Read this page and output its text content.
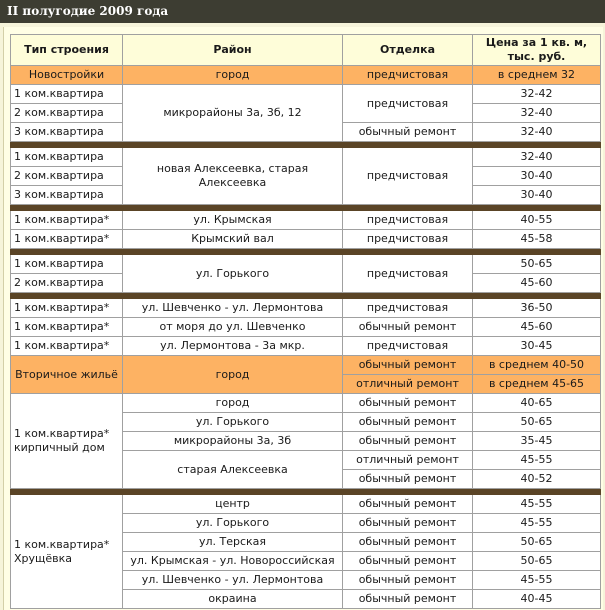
II полугодие 2009 года
Тип строения	Район	Отделка	Цена за 1 кв. м, тыс. руб.
Новостройки	город	предчистовая	в среднем 32
1 ком.квартира	микрорайоны 3а, 3б, 12	предчистовая	32-42
2 ком.квартира			32-40
3 ком.квартира		обычный ремонт	32-40

1 ком.квартира	новая Алексеевка, старая Алексеевка	предчистовая	32-40
2 ком.квартира			30-40
3 ком.квартира			30-40

1 ком.квартира*	ул. Крымская	предчистовая	40-55
1 ком.квартира*	Крымский вал	предчистовая	45-58

1 ком.квартира	ул. Горького	предчистовая	50-65
2 ком.квартира			45-60

1 ком.квартира*	ул. Шевченко - ул. Лермонтова	предчистовая	36-50
1 ком.квартира*	от моря до ул. Шевченко	обычный ремонт	45-60
1 ком.квартира*	ул. Лермонтова - 3а мкр.	предчистовая	30-45
Вторичное жильё	город	обычный ремонт	в среднем 40-50
		отличный ремонт	в среднем 45-65
1 ком.квартира* кирпичный дом	город	обычный ремонт	40-65
	ул. Горького	обычный ремонт	50-65
	микрорайоны 3а, 3б	обычный ремонт	35-45
	старая Алексеевка	отличный ремонт	45-55
		обычный ремонт	40-52

1 ком.квартира* Хрущёвка	центр	обычный ремонт	45-55
	ул. Горького	обычный ремонт	45-55
	ул. Терская	обычный ремонт	50-65
	ул. Крымская - ул. Новороссийская	обычный ремонт	50-65
	ул. Шевченко - ул. Лермонтова	обычный ремонт	45-55
	окраина	обычный ремонт	40-45
